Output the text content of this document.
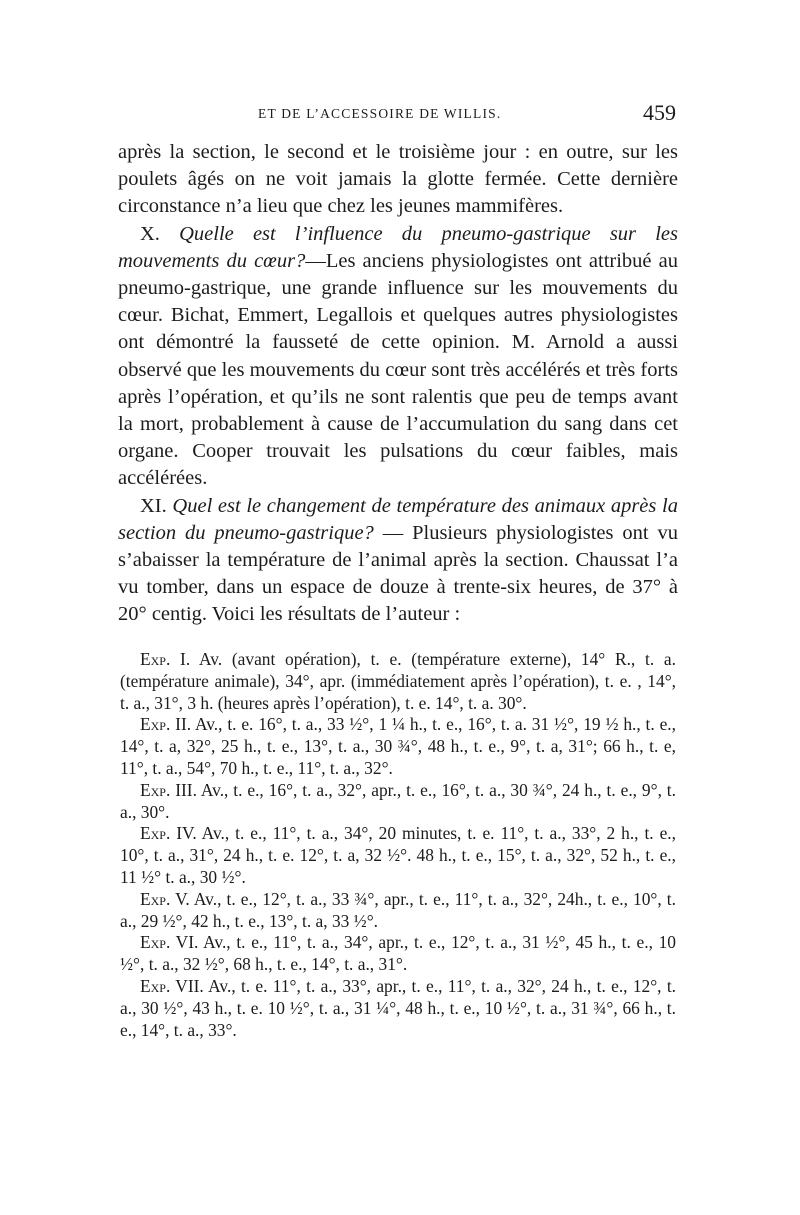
ET DE L’ACCESSOIRE DE WILLIS.	459

après la section, le second et le troisième jour : en outre, sur les poulets âgés on ne voit jamais la glotte fermée. Cette dernière circonstance n’a lieu que chez les jeunes mammifères.

X. Quelle est l’influence du pneumo-gastrique sur les mouvements du cœur?—Les anciens physiologistes ont attribué au pneumo-gastrique, une grande influence sur les mouvements du cœur. Bichat, Emmert, Legallois et quelques autres physiologistes ont démontré la fausseté de cette opinion. M. Arnold a aussi observé que les mouvements du cœur sont très accélérés et très forts après l’opération, et qu’ils ne sont ralentis que peu de temps avant la mort, probablement à cause de l’accumulation du sang dans cet organe. Cooper trouvait les pulsations du cœur faibles, mais accélérées.

XI. Quel est le changement de température des animaux après la section du pneumo-gastrique? — Plusieurs physiologistes ont vu s’abaisser la température de l’animal après la section. Chaussat l’a vu tomber, dans un espace de douze à trente-six heures, de 37° à 20° centig. Voici les résultats de l’auteur :

Exp. I. Av. (avant opération), t. e. (température externe), 14° R., t. a. (température animale), 34°, apr. (immédiatement après l’opération), t. e. , 14°, t. a., 31°, 3 h. (heures après l’opération), t. e. 14°, t. a. 30°.

Exp. II. Av., t. e. 16°, t. a., 33 ½°, 1 ¼ h., t. e., 16°, t. a. 31 ½°, 19 ½ h., t. e., 14°, t. a, 32°, 25 h., t. e., 13°, t. a., 30 ¾°, 48 h., t. e., 9°, t. a, 31°; 66 h., t. e, 11°, t. a., 54°, 70 h., t. e., 11°, t. a., 32°.

Exp. III. Av., t. e., 16°, t. a., 32°, apr., t. e., 16°, t. a., 30 ¾°, 24 h., t. e., 9°, t. a., 30°.

Exp. IV. Av., t. e., 11°, t. a., 34°, 20 minutes, t. e. 11°, t. a., 33°, 2 h., t. e., 10°, t. a., 31°, 24 h., t. e. 12°, t. a, 32 ½°. 48 h., t. e., 15°, t. a., 32°, 52 h., t. e., 11 ½° t. a., 30 ½°.

Exp. V. Av., t. e., 12°, t. a., 33 ¾°, apr., t. e., 11°, t. a., 32°, 24h., t. e., 10°, t. a., 29 ½°, 42 h., t. e., 13°, t. a, 33 ½°.

Exp. VI. Av., t. e., 11°, t. a., 34°, apr., t. e., 12°, t. a., 31 ½°, 45 h., t. e., 10 ½°, t. a., 32 ½°, 68 h., t. e., 14°, t. a., 31°.

Exp. VII. Av., t. e. 11°, t. a., 33°, apr., t. e., 11°, t. a., 32°, 24 h., t. e., 12°, t. a., 30 ½°, 43 h., t. e. 10 ½°, t. a., 31 ¼°, 48 h., t. e., 10 ½°, t. a., 31 ¾°, 66 h., t. e., 14°, t. a., 33°.
